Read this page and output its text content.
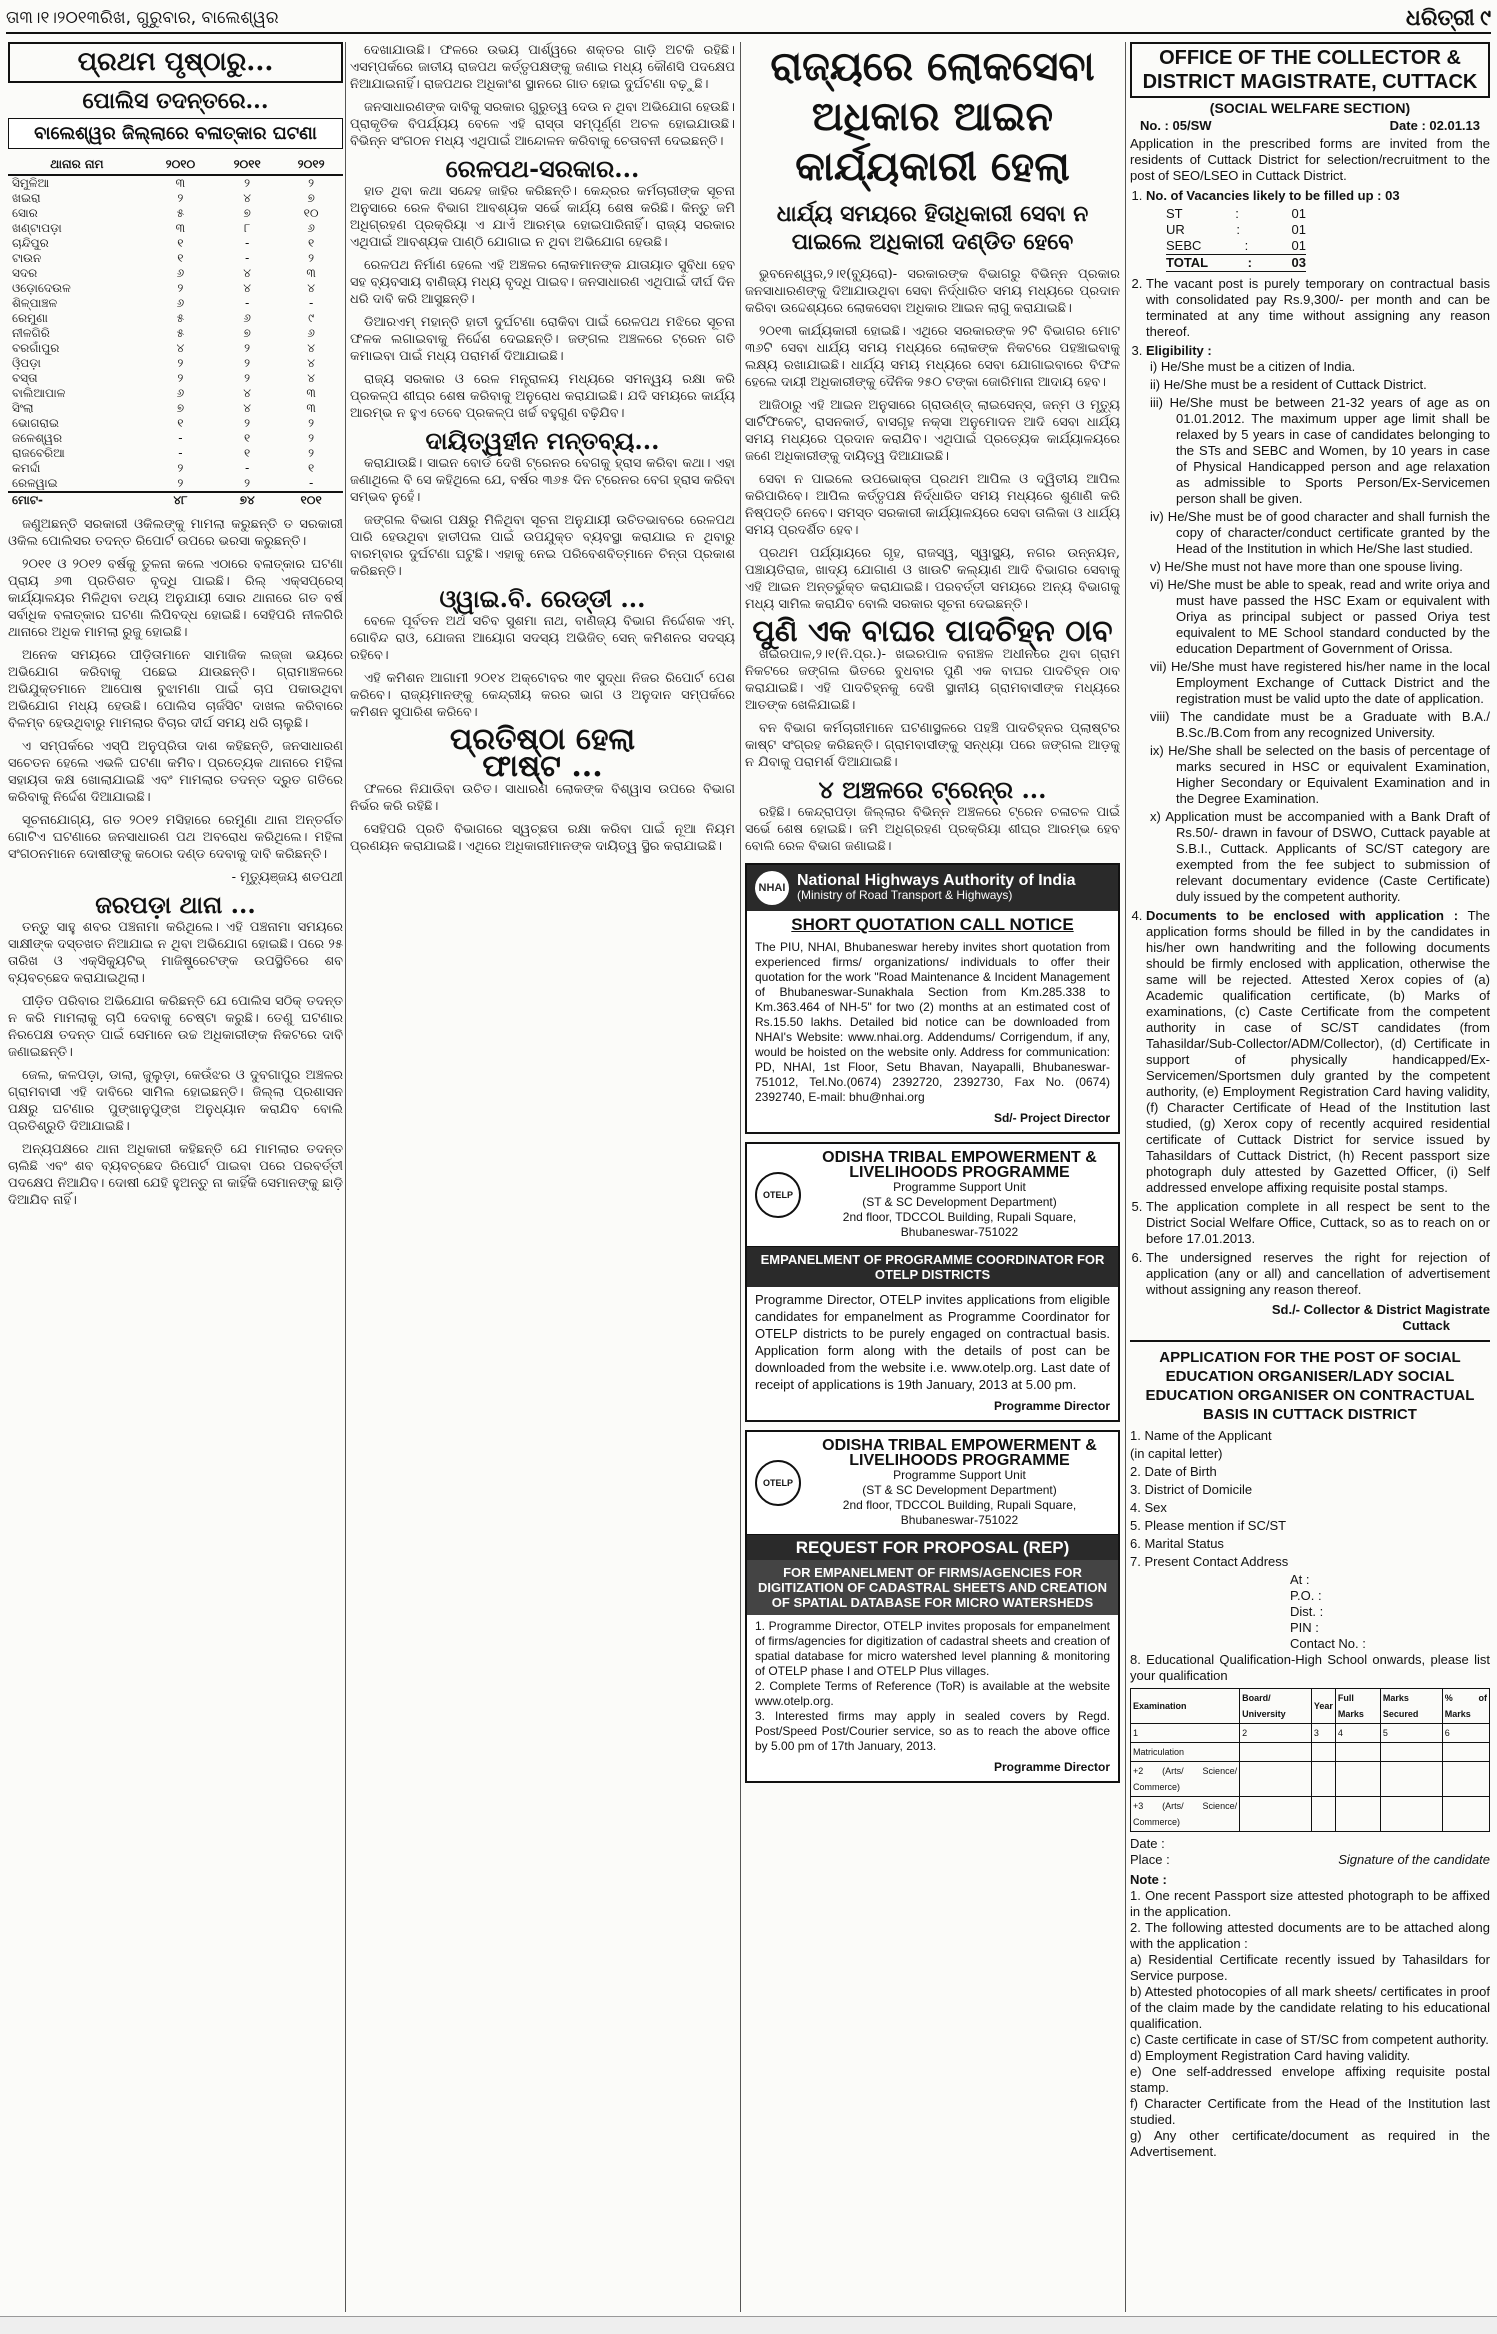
ତା୩।୧।୨୦୧୩ରିଖ, ଗୁରୁବାର, ବାଲେଶ୍ୱର	ଧରିତ୍ରୀ ୯
ପ୍ରଥମ ପୃଷ୍ଠାରୁ...
ପୋଲିସ ତଦନ୍ତରେ...
ବାଲେଶ୍ୱର ଜିଲ୍ଲାରେ ବଳାତ୍କାର ଘଟଣା
ଥାନାର ନାମ	୨୦୧୦	୨୦୧୧	୨୦୧୨
ସିମୁଳିଆ	୩	୨	୨
ଖଇରା	୨	୪	୭
ସୋର	୫	୭	୧୦
ଖଣ୍ଟାପଡ଼ା	୩	୮	୬
ଚାନ୍ଦିପୁର	୧	-	୧
ଟାଉନ	୧	-	୨
ସଦର	୬	୪	୩
ଓଡ଼ୋଦେଉଳ	୨	୪	୪
ଶିଳ୍ପାଞ୍ଚଳ	୬	-	-
ରେମୁଣା	୫	୬	୯
ନୀଳଗିରି	୫	୭	୬
ବରଗାଁପୁର	୪	୨	୪
ଓ଼ିପଡ଼ା	୨	୨	୪
ବସ୍ତା	୨	୨	୪
ବାଲିଆପାଳ	୬	୪	୩
ସିଂଲା	୭	୪	୩
ଭୋଗରାଇ	୧	୨	୨
ଜଳେଶ୍ୱର	-	୧	୨
ରାଜବେରିଆ	-	୧	୨
କମର୍ଦ୍ଦା	୨	-	୧
ରେଳୱାଇ	୨	୨	-
ମୋଟ-	୪୮	୭୪	୧୦୧

ଜଣୁଅଛନ୍ତି ସରକାରୀ ଓକିଲଙ୍କୁ ମାମଲା କରୁଛନ୍ତି ତ ସରକାରୀ ଓକିଲ ପୋଲିସର ତଦନ୍ତ ରିପୋର୍ଟ ଉପରେ ଭରସା କରୁଛନ୍ତି।

୨୦୧୧ ଓ ୨୦୧୨ ବର୍ଷକୁ ତୁଳନା କଲେ ଏଠାରେ ବଳାତ୍କାର ଘଟଣା ପ୍ରାୟ ୬୩ ପ୍ରତିଶତ ବୃଦ୍ଧି ପାଇଛି। ରିଲ୍ ଏକ୍ସପ୍ରେସ୍ କାର୍ଯ୍ୟାଳୟର ମିଳିଥିବା ତଥ୍ୟ ଅନୁଯାୟୀ ସୋର ଥାନାରେ ଗତ ବର୍ଷ ସର୍ବାଧିକ ବଳାତ୍କାର ଘଟଣା ଲିପିବଦ୍ଧ ହୋଇଛି। ସେହିପରି ନୀଳଗିରି ଥାନାରେ ଅଧିକ ମାମଲା ରୁଜୁ ହୋଇଛି।

ଅନେକ ସମୟରେ ପୀଡ଼ିତାମାନେ ସାମାଜିକ ଲଜ୍ଜା ଭୟରେ ଅଭିଯୋଗ କରିବାକୁ ପଛେଇ ଯାଉଛନ୍ତି। ଗ୍ରାମାଞ୍ଚଳରେ ଅଭିଯୁକ୍ତମାନେ ଆପୋଷ ବୁଝାମଣା ପାଇଁ ଚାପ ପକାଉଥିବା ଅଭିଯୋଗ ମଧ୍ୟ ହେଉଛି। ପୋଲିସ ଚାର୍ଜସିଟ ଦାଖଲ କରିବାରେ ବିଳମ୍ବ ହେଉଥିବାରୁ ମାମଲାର ବିଚାର ଦୀର୍ଘ ସମୟ ଧରି ଚାଲୁଛି।

ଏ ସମ୍ପର୍କରେ ଏସ୍‌ପି ଅନୁପ୍ରିତା ଦାଶ କହିଛନ୍ତି, ଜନସାଧାରଣ ସଚେତନ ହେଲେ ଏଭଳି ଘଟଣା କମିବ। ପ୍ରତ୍ୟେକ ଥାନାରେ ମହିଳା ସହାୟତା କକ୍ଷ ଖୋଲାଯାଇଛି ଏବଂ ମାମଲାର ତଦନ୍ତ ଦ୍ରୁତ ଗତିରେ କରିବାକୁ ନିର୍ଦ୍ଦେଶ ଦିଆଯାଇଛି।

ସୂଚନାଯୋଗ୍ୟ, ଗତ ୨୦୧୨ ମସିହାରେ ରେମୁଣା ଥାନା ଅନ୍ତର୍ଗତ ଗୋଟିଏ ଘଟଣାରେ ଜନସାଧାରଣ ପଥ ଅବରୋଧ କରିଥିଲେ। ମହିଳା ସଂଗଠନମାନେ ଦୋଷୀଙ୍କୁ କଠୋର ଦଣ୍ଡ ଦେବାକୁ ଦାବି କରିଛନ୍ତି।

- ମୃତ୍ୟୁଞ୍ଜୟ ଶତପଥୀ
ଜରପଡ଼ା ଥାନା ...

ତନ୍ତୁ ସାହୁ ଶବର ପଞ୍ଚନାମା କରିଥିଲେ। ଏହି ପଞ୍ଚନାମା ସମୟରେ ସାକ୍ଷୀଙ୍କ ଦସ୍ତଖତ ନିଆଯାଇ ନ ଥିବା ଅଭିଯୋଗ ହୋଇଛି। ପରେ ୨୫ ତାରିଖ ଓ ଏକ୍ସିକ୍ୟୁଟିଭ୍ ମାଜିଷ୍ଟ୍ରେଟଙ୍କ ଉପସ୍ଥିତିରେ ଶବ ବ୍ୟବଚ୍ଛେଦ କରାଯାଇଥିଲା।

ପୀଡ଼ିତ ପରିବାର ଅଭିଯୋଗ କରିଛନ୍ତି ଯେ ପୋଲିସ ସଠିକ୍ ତଦନ୍ତ ନ କରି ମାମଲାକୁ ଚାପି ଦେବାକୁ ଚେଷ୍ଟା କରୁଛି। ତେଣୁ ଘଟଣାର ନିରପେକ୍ଷ ତଦନ୍ତ ପାଇଁ ସେମାନେ ଉଚ୍ଚ ଅଧିକାରୀଙ୍କ ନିକଟରେ ଦାବି ଜଣାଇଛନ୍ତି।

ଜେଲ, କଳପଡ଼ା, ଡାଲା, ଜୁଲୁଡ଼ା, କେଉଁଝର ଓ ଦୁବଗାପୁର ଅଞ୍ଚଳର ଗ୍ରାମବାସୀ ଏହି ଦାବିରେ ସାମିଲ ହୋଇଛନ୍ତି। ଜିଲ୍ଲା ପ୍ରଶାସନ ପକ୍ଷରୁ ଘଟଣାର ପୁଙ୍ଖାନୁପୁଙ୍ଖ ଅନୁଧ୍ୟାନ କରାଯିବ ବୋଲି ପ୍ରତିଶ୍ରୁତି ଦିଆଯାଇଛି।

ଅନ୍ୟପକ୍ଷରେ ଥାନା ଅଧିକାରୀ କହିଛନ୍ତି ଯେ ମାମଲାର ତଦନ୍ତ ଚାଲିଛି ଏବଂ ଶବ ବ୍ୟବଚ୍ଛେଦ ରିପୋର୍ଟ ପାଇବା ପରେ ପରବର୍ତ୍ତୀ ପଦକ୍ଷେପ ନିଆଯିବ। ଦୋଷୀ ଯେହି ହୁଅନ୍ତୁ ନା କାହିଁକି ସେମାନଙ୍କୁ ଛାଡ଼ି ଦିଆଯିବ ନାହିଁ।

ଦେଖାଯାଉଛି। ଫଳରେ ଉଭୟ ପାର୍ଶ୍ୱରେ ଶକ୍ତର ଗାଡ଼ି ଅଟକି ରହିଛି। ଏସମ୍ପର୍କରେ ଜାତୀୟ ରାଜପଥ କର୍ତ୍ତୃପକ୍ଷଙ୍କୁ ଜଣାଇ ମଧ୍ୟ କୌଣସି ପଦକ୍ଷେପ ନିଆଯାଇନାହିଁ। ରାଜପଥର ଅଧିକାଂଶ ସ୍ଥାନରେ ଗାତ ହୋଇ ଦୁର୍ଘଟଣା ବଢ଼ୁଛି।

ଜନସାଧାରଣଙ୍କ ଦାବିକୁ ସରକାର ଗୁରୁତ୍ୱ ଦେଉ ନ ଥିବା ଅଭିଯୋଗ ହେଉଛି। ପ୍ରାକୃତିକ ବିପର୍ଯ୍ୟୟ ବେଳେ ଏହି ରାସ୍ତା ସମ୍ପୂର୍ଣ୍ଣ ଅଚଳ ହୋଇଯାଉଛି। ବିଭିନ୍ନ ସଂଗଠନ ମଧ୍ୟ ଏଥିପାଇଁ ଆନ୍ଦୋଳନ କରିବାକୁ ଚେତାବନୀ ଦେଇଛନ୍ତି।

ରେଳପଥ-ସରକାର...

ହାତ ଥିବା କଥା ସନ୍ଦେହ ଜାହିର କରିଛନ୍ତି। କେନ୍ଦ୍ରର କର୍ମଚାରୀଙ୍କ ସୂଚନା ଅନୁସାରେ ରେଳ ବିଭାଗ ଆବଶ୍ୟକ ସର୍ଭେ କାର୍ଯ୍ୟ ଶେଷ କରିଛି। କିନ୍ତୁ ଜମି ଅଧିଗ୍ରହଣ ପ୍ରକ୍ରିୟା ଏ ଯାଏଁ ଆରମ୍ଭ ହୋଇପାରିନାହିଁ। ରାଜ୍ୟ ସରକାର ଏଥିପାଇଁ ଆବଶ୍ୟକ ପାଣ୍ଠି ଯୋଗାଇ ନ ଥିବା ଅଭିଯୋଗ ହେଉଛି।

ରେଳପଥ ନିର୍ମାଣ ହେଲେ ଏହି ଅଞ୍ଚଳର ଲୋକମାନଙ୍କ ଯାତାୟାତ ସୁବିଧା ହେବ ସହ ବ୍ୟବସାୟ ବାଣିଜ୍ୟ ମଧ୍ୟ ବୃଦ୍ଧି ପାଇବ। ଜନସାଧାରଣ ଏଥିପାଇଁ ଦୀର୍ଘ ଦିନ ଧରି ଦାବି କରି ଆସୁଛନ୍ତି।

ଡିଆରଏମ୍ ମହାନ୍ତି ହାତୀ ଦୁର୍ଘଟଣା ରୋକିବା ପାଇଁ ରେଳପଥ ମଝିରେ ସୂଚନା ଫଳକ ଲଗାଇବାକୁ ନିର୍ଦ୍ଦେଶ ଦେଇଛନ୍ତି। ଜଙ୍ଗଲ ଅଞ୍ଚଳରେ ଟ୍ରେନ ଗତି କମାଇବା ପାଇଁ ମଧ୍ୟ ପରାମର୍ଶ ଦିଆଯାଇଛି।

ରାଜ୍ୟ ସରକାର ଓ ରେଳ ମନ୍ତ୍ରାଳୟ ମଧ୍ୟରେ ସମନ୍ୱୟ ରକ୍ଷା କରି ପ୍ରକଳ୍ପ ଶୀଘ୍ର ଶେଷ କରିବାକୁ ଅନୁରୋଧ କରାଯାଇଛି। ଯଦି ସମୟରେ କାର୍ଯ୍ୟ ଆରମ୍ଭ ନ ହୁଏ ତେବେ ପ୍ରକଳ୍ପ ଖର୍ଚ୍ଚ ବହୁଗୁଣ ବଢ଼ିଯିବ।

ଦାୟିତ୍ୱହୀନ ମନ୍ତବ୍ୟ...

କରାଯାଉଛି। ସାଇନ ବୋର୍ଡ ଦେଖି ଟ୍ରେନର ବେଗକୁ ହ୍ରାସ କରିବା କଥା। ଏହା ଜଣାଥିଲେ ବି ସେ କହିଥିଲେ ଯେ, ବର୍ଷର ୩୬୫ ଦିନ ଟ୍ରେନର ବେଗ ହ୍ରାସ କରିବା ସମ୍ଭବ ନୁହେଁ।

ଜଙ୍ଗଲ ବିଭାଗ ପକ୍ଷରୁ ମିଳିଥିବା ସୂଚନା ଅନୁଯାୟୀ ଉଚିତଭାବରେ ରେଳପଥ ପାରି ହେଉଥିବା ହାତୀପଲ ପାଇଁ ଉପଯୁକ୍ତ ବ୍ୟବସ୍ଥା କରାଯାଇ ନ ଥିବାରୁ ବାରମ୍ବାର ଦୁର୍ଘଟଣା ଘଟୁଛି। ଏହାକୁ ନେଇ ପରିବେଶବିତ୍‌ମାନେ ଚିନ୍ତା ପ୍ରକାଶ କରିଛନ୍ତି।

ଓ୍ୱାଇ.ବି. ରେଡ୍ଡୀ ...

ବେଳେ ପୂର୍ବତନ ଅର୍ଥ ସଚିବ ସୁଶମା ନାଥ, ବାଣିଜ୍ୟ ବିଭାଗ ନିର୍ଦ୍ଦେଶକ ଏମ୍. ଗୋବିନ୍ଦ ରାଓ, ଯୋଜନା ଆୟୋଗ ସଦସ୍ୟ ଅଭିଜିତ୍ ସେନ୍ କମିଶନର ସଦସ୍ୟ ରହିବେ।

ଏହି କମିଶନ ଆଗାମୀ ୨୦୧୪ ଅକ୍ଟୋବର ୩୧ ସୁଦ୍ଧା ନିଜର ରିପୋର୍ଟ ପେଶ କରିବେ। ରାଜ୍ୟମାନଙ୍କୁ କେନ୍ଦ୍ରୀୟ କରର ଭାଗ ଓ ଅନୁଦାନ ସମ୍ପର୍କରେ କମିଶନ ସୁପାରିଶ କରିବେ।

ପ୍ରତିଷ୍ଠା ହେଲା
ଫାଷ୍ଟ ...

ଫଳରେ ନିଯାଉିବା ଉଚିତ। ସାଧାରଣ ଲୋକଙ୍କ ବିଶ୍ୱାସ ଉପରେ ବିଭାଗ ନିର୍ଭର କରି ରହିଛି।

ସେହିପରି ପ୍ରତି ବିଭାଗରେ ସ୍ୱଚ୍ଛତା ରକ୍ଷା କରିବା ପାଇଁ ନୂଆ ନିୟମ ପ୍ରଣୟନ କରାଯାଇଛି। ଏଥିରେ ଅଧିକାରୀମାନଙ୍କ ଦାୟିତ୍ୱ ସ୍ଥିର କରାଯାଇଛି।

ରାଜ୍ୟରେ ଲୋକସେବା ଅଧିକାର ଆଇନ କାର୍ଯ୍ୟକାରୀ ହେଲା
ଧାର୍ଯ୍ୟ ସମୟରେ ହିତାଧିକାରୀ ସେବା ନ ପାଇଲେ ଅଧିକାରୀ ଦଣ୍ଡିତ ହେବେ

ଭୁବନେଶ୍ୱର,୨।୧(ବ୍ୟୁରୋ)- ସରକାରଙ୍କ ବିଭାଗରୁ ବିଭିନ୍ନ ପ୍ରକାର ଜନସାଧାରଣଙ୍କୁ ଦିଆଯାଉଥିବା ସେବା ନିର୍ଦ୍ଧାରିତ ସମୟ ମଧ୍ୟରେ ପ୍ରଦାନ କରିବା ଉଦ୍ଦେଶ୍ୟରେ ଲୋକସେବା ଅଧିକାର ଆଇନ ଲାଗୁ କରାଯାଇଛି।

୨୦୧୩ କାର୍ଯ୍ୟକାରୀ ହୋଇଛି। ଏଥିରେ ସରକାରଙ୍କ ୨ଟି ବିଭାଗର ମୋଟ ୩୬ଟି ସେବା ଧାର୍ଯ୍ୟ ସମୟ ମଧ୍ୟରେ ଲୋକଙ୍କ ନିକଟରେ ପହଞ୍ଚାଇବାକୁ ଲକ୍ଷ୍ୟ ରଖାଯାଇଛି। ଧାର୍ଯ୍ୟ ସମୟ ମଧ୍ୟରେ ସେବା ଯୋଗାଇବାରେ ବିଫଳ ହେଲେ ଦାୟୀ ଅଧିକାରୀଙ୍କୁ ଦୈନିକ ୨୫୦ ଟଙ୍କା ଜୋରିମାନା ଆଦାୟ ହେବ।

ଆଜିଠାରୁ ଏହି ଆଇନ ଅନୁସାରେ ଗ୍ରାଉଣ୍ଡ୍ ଲାଇସେନ୍ସ, ଜନ୍ମ ଓ ମୃତ୍ୟୁ ସାର୍ଟିଫିକେଟ୍, ରାସନକାର୍ଡ, ବାସଗୃହ ନକ୍ସା ଅନୁମୋଦନ ଆଦି ସେବା ଧାର୍ଯ୍ୟ ସମୟ ମଧ୍ୟରେ ପ୍ରଦାନ କରାଯିବ। ଏଥିପାଇଁ ପ୍ରତ୍ୟେକ କାର୍ଯ୍ୟାଳୟରେ ଜଣେ ଅଧିକାରୀଙ୍କୁ ଦାୟିତ୍ୱ ଦିଆଯାଇଛି।

ସେବା ନ ପାଇଲେ ଉପଭୋକ୍ତା ପ୍ରଥମ ଆପିଲ ଓ ଦ୍ୱିତୀୟ ଆପିଲ କରିପାରିବେ। ଆପିଲ କର୍ତ୍ତୃପକ୍ଷ ନିର୍ଦ୍ଧାରିତ ସମୟ ମଧ୍ୟରେ ଶୁଣାଣି କରି ନିଷ୍ପତ୍ତି ନେବେ। ସମସ୍ତ ସରକାରୀ କାର୍ଯ୍ୟାଳୟରେ ସେବା ତାଲିକା ଓ ଧାର୍ଯ୍ୟ ସମୟ ପ୍ରଦର୍ଶିତ ହେବ।

ପ୍ରଥମ ପର୍ଯ୍ୟାୟରେ ଗୃହ, ରାଜସ୍ୱ, ସ୍ୱାସ୍ଥ୍ୟ, ନଗର ଉନ୍ନୟନ, ପଞ୍ଚାୟତିରାଜ, ଖାଦ୍ୟ ଯୋଗାଣ ଓ ଖାଉଟି କଲ୍ୟାଣ ଆଦି ବିଭାଗର ସେବାକୁ ଏହି ଆଇନ ଅନ୍ତର୍ଭୁକ୍ତ କରାଯାଇଛି। ପରବର୍ତ୍ତୀ ସମୟରେ ଅନ୍ୟ ବିଭାଗକୁ ମଧ୍ୟ ସାମିଲ କରାଯିବ ବୋଲି ସରକାର ସୂଚନା ଦେଇଛନ୍ତି।

ପୁଣି ଏକ ବାଘର ପାଦଚିହ୍ନ ଠାବ

ଖଇରପାଳ,୨।୧(ନି.ପ୍ର.)- ଖଇରପାଳ ବନାଞ୍ଚଳ ଅଧୀନରେ ଥିବା ଗ୍ରାମ ନିକଟରେ ଜଙ୍ଗଲ ଭିତରେ ବୁଧବାର ପୁଣି ଏକ ବାଘର ପାଦଚିହ୍ନ ଠାବ କରାଯାଇଛି। ଏହି ପାଦଚିହ୍ନକୁ ଦେଖି ସ୍ଥାନୀୟ ଗ୍ରାମବାସୀଙ୍କ ମଧ୍ୟରେ ଆତଙ୍କ ଖେଳିଯାଇଛି।

ବନ ବିଭାଗ କର୍ମଚାରୀମାନେ ଘଟଣାସ୍ଥଳରେ ପହଞ୍ଚି ପାଦଚିହ୍ନର ପ୍ଲାଷ୍ଟର କାଷ୍ଟ ସଂଗ୍ରହ କରିଛନ୍ତି। ଗ୍ରାମବାସୀଙ୍କୁ ସନ୍ଧ୍ୟା ପରେ ଜଙ୍ଗଲ ଆଡ଼କୁ ନ ଯିବାକୁ ପରାମର୍ଶ ଦିଆଯାଇଛି।

୪ ଅଞ୍ଚଳରେ ଟ୍ରେନ୍‌ର ...

ରହିଛି। କେନ୍ଦ୍ରାପଡ଼ା ଜିଲ୍ଲାର ବିଭିନ୍ନ ଅଞ୍ଚଳରେ ଟ୍ରେନ ଚଳାଚଳ ପାଇଁ ସର୍ଭେ ଶେଷ ହୋଇଛି। ଜମି ଅଧିଗ୍ରହଣ ପ୍ରକ୍ରିୟା ଶୀଘ୍ର ଆରମ୍ଭ ହେବ ବୋଲି ରେଳ ବିଭାଗ ଜଣାଇଛି।

NHAI National Highways Authority of India
(Ministry of Road Transport & Highways)
SHORT QUOTATION CALL NOTICE
The PIU, NHAI, Bhubaneswar hereby invites short quotation from experienced firms/ organizations/ individuals to offer their quotation for the work "Road Maintenance & Incident Management of Bhubaneswar-Sunakhala Section from Km.285.338 to Km.363.464 of NH-5" for two (2) months at an estimated cost of Rs.15.50 lakhs. Detailed bid notice can be downloaded from NHAI's Website: www.nhai.org. Addendums/ Corrigendum, if any, would be hoisted on the website only. Address for communication: PD, NHAI, 1st Floor, Setu Bhavan, Nayapalli, Bhubaneswar-751012, Tel.No.(0674) 2392720, 2392730, Fax No. (0674) 2392740, E-mail: bhu@nhai.org
Sd/- Project Director
OTELP
ODISHA TRIBAL EMPOWERMENT & LIVELIHOODS PROGRAMME
Programme Support Unit
(ST & SC Development Department)
2nd floor, TDCCOL Building, Rupali Square, Bhubaneswar-751022
EMPANELMENT OF PROGRAMME COORDINATOR FOR OTELP DISTRICTS
Programme Director, OTELP invites applications from eligible candidates for empanelment as Programme Coordinator for OTELP districts to be purely engaged on contractual basis. Application form along with the details of post can be downloaded from the website i.e. www.otelp.org. Last date of receipt of applications is 19th January, 2013 at 5.00 pm.
Programme Director
OTELP
ODISHA TRIBAL EMPOWERMENT & LIVELIHOODS PROGRAMME
Programme Support Unit
(ST & SC Development Department)
2nd floor, TDCCOL Building, Rupali Square, Bhubaneswar-751022
REQUEST FOR PROPOSAL (REP)
FOR EMPANELMENT OF FIRMS/AGENCIES FOR DIGITIZATION OF CADASTRAL SHEETS AND CREATION OF SPATIAL DATABASE FOR MICRO WATERSHEDS
1. Programme Director, OTELP invites proposals for empanelment of firms/agencies for digitization of cadastral sheets and creation of spatial database for micro watershed level planning & monitoring of OTELP phase I and OTELP Plus villages.
2. Complete Terms of Reference (ToR) is available at the website www.otelp.org.
3. Interested firms may apply in sealed covers by Regd. Post/Speed Post/Courier service, so as to reach the above office by 5.00 pm of 17th January, 2013.
Programme Director
OFFICE OF THE COLLECTOR & DISTRICT MAGISTRATE, CUTTACK
(SOCIAL WELFARE SECTION)
No. : 05/SW	Date : 02.01.13
Application in the prescribed forms are invited from the residents of Cuttack District for selection/recruitment to the post of SEO/LSEO in Cuttack District.
1. No. of Vacancies likely to be filled up : 03
ST	:	01
UR	:	01
SEBC	:	01
TOTAL	:	03
2. The vacant post is purely temporary on contractual basis with consolidated pay Rs.9,300/- per month and can be terminated at any time without assigning any reason thereof.
3. Eligibility :
i) He/She must be a citizen of India.
ii) He/She must be a resident of Cuttack District.
iii) He/She must be between 21-32 years of age as on 01.01.2012. The maximum upper age limit shall be relaxed by 5 years in case of candidates belonging to the STs and SEBC and Women, by 10 years in case of Physical Handicapped person and age relaxation as admissible to Sports Person/Ex-Servicemen person shall be given.
iv) He/She must be of good character and shall furnish the copy of character/conduct certificate granted by the Head of the Institution in which He/She last studied.
v) He/She must not have more than one spouse living.
vi) He/She must be able to speak, read and write oriya and must have passed the HSC Exam or equivalent with Oriya as principal subject or passed Oriya test equivalent to ME School standard conducted by the education Department of Government of Orissa.
vii) He/She must have registered his/her name in the local Employment Exchange of Cuttack District and the registration must be valid upto the date of application.
viii) The candidate must be a Graduate with B.A./ B.Sc./B.Com from any recognized University.
ix) He/She shall be selected on the basis of percentage of marks secured in HSC or equivalent Examination, Higher Secondary or Equivalent Examination and in the Degree Examination.
x) Application must be accompanied with a Bank Draft of Rs.50/- drawn in favour of DSWO, Cuttack payable at S.B.I., Cuttack. Applicants of SC/ST category are exempted from the fee subject to submission of relevant documentary evidence (Caste Certificate) duly issued by the competent authority.
4. Documents to be enclosed with application : The application forms should be filled in by the candidates in his/her own handwriting and the following documents should be firmly enclosed with application, otherwise the same will be rejected. Attested Xerox copies of (a) Academic qualification certificate, (b) Marks of examinations, (c) Caste Certificate from the competent authority in case of SC/ST candidates (from Tahasildar/Sub-Collector/ADM/Collector), (d) Certificate in support of physically handicapped/Ex-Servicemen/Sportsmen duly granted by the competent authority, (e) Employment Registration Card having validity, (f) Character Certificate of Head of the Institution last studied, (g) Xerox copy of recently acquired residential certificate of Cuttack District for service issued by Tahasildars of Cuttack District, (h) Recent passport size photograph duly attested by Gazetted Officer, (i) Self addressed envelope affixing requisite postal stamps.
5. The application complete in all respect be sent to the District Social Welfare Office, Cuttack, so as to reach on or before 17.01.2013.
6. The undersigned reserves the right for rejection of application (any or all) and cancellation of advertisement without assigning any reason thereof.
Sd./- Collector & District Magistrate
Cuttack
APPLICATION FOR THE POST OF SOCIAL EDUCATION ORGANISER/LADY SOCIAL EDUCATION ORGANISER ON CONTRACTUAL BASIS IN CUTTACK DISTRICT
1. Name of the Applicant
(in capital letter)
2. Date of Birth
3. District of Domicile
4. Sex
5. Please mention if SC/ST
6. Marital Status
7. Present Contact Address
At :
P.O. :
Dist. :
PIN :
Contact No. :
8. Educational Qualification-High School onwards, please list your qualification
Examination	Board/ University	Year	Full Marks	Marks Secured	% of Marks
1	2	3	4	5	6
Matriculation					
+2 (Arts/ Science/ Commerce)					
+3 (Arts/ Science/ Commerce)					
Date :
Place :	Signature of the candidate
Note :
1. One recent Passport size attested photograph to be affixed in the application.
2. The following attested documents are to be attached along with the application :
a) Residential Certificate recently issued by Tahasildars for Service purpose.
b) Attested photocopies of all mark sheets/ certificates in proof of the claim made by the candidate relating to his educational qualification.
c) Caste certificate in case of ST/SC from competent authority.
d) Employment Registration Card having validity.
e) One self-addressed envelope affixing requisite postal stamp.
f) Character Certificate from the Head of the Institution last studied.
g) Any other certificate/document as required in the Advertisement.
